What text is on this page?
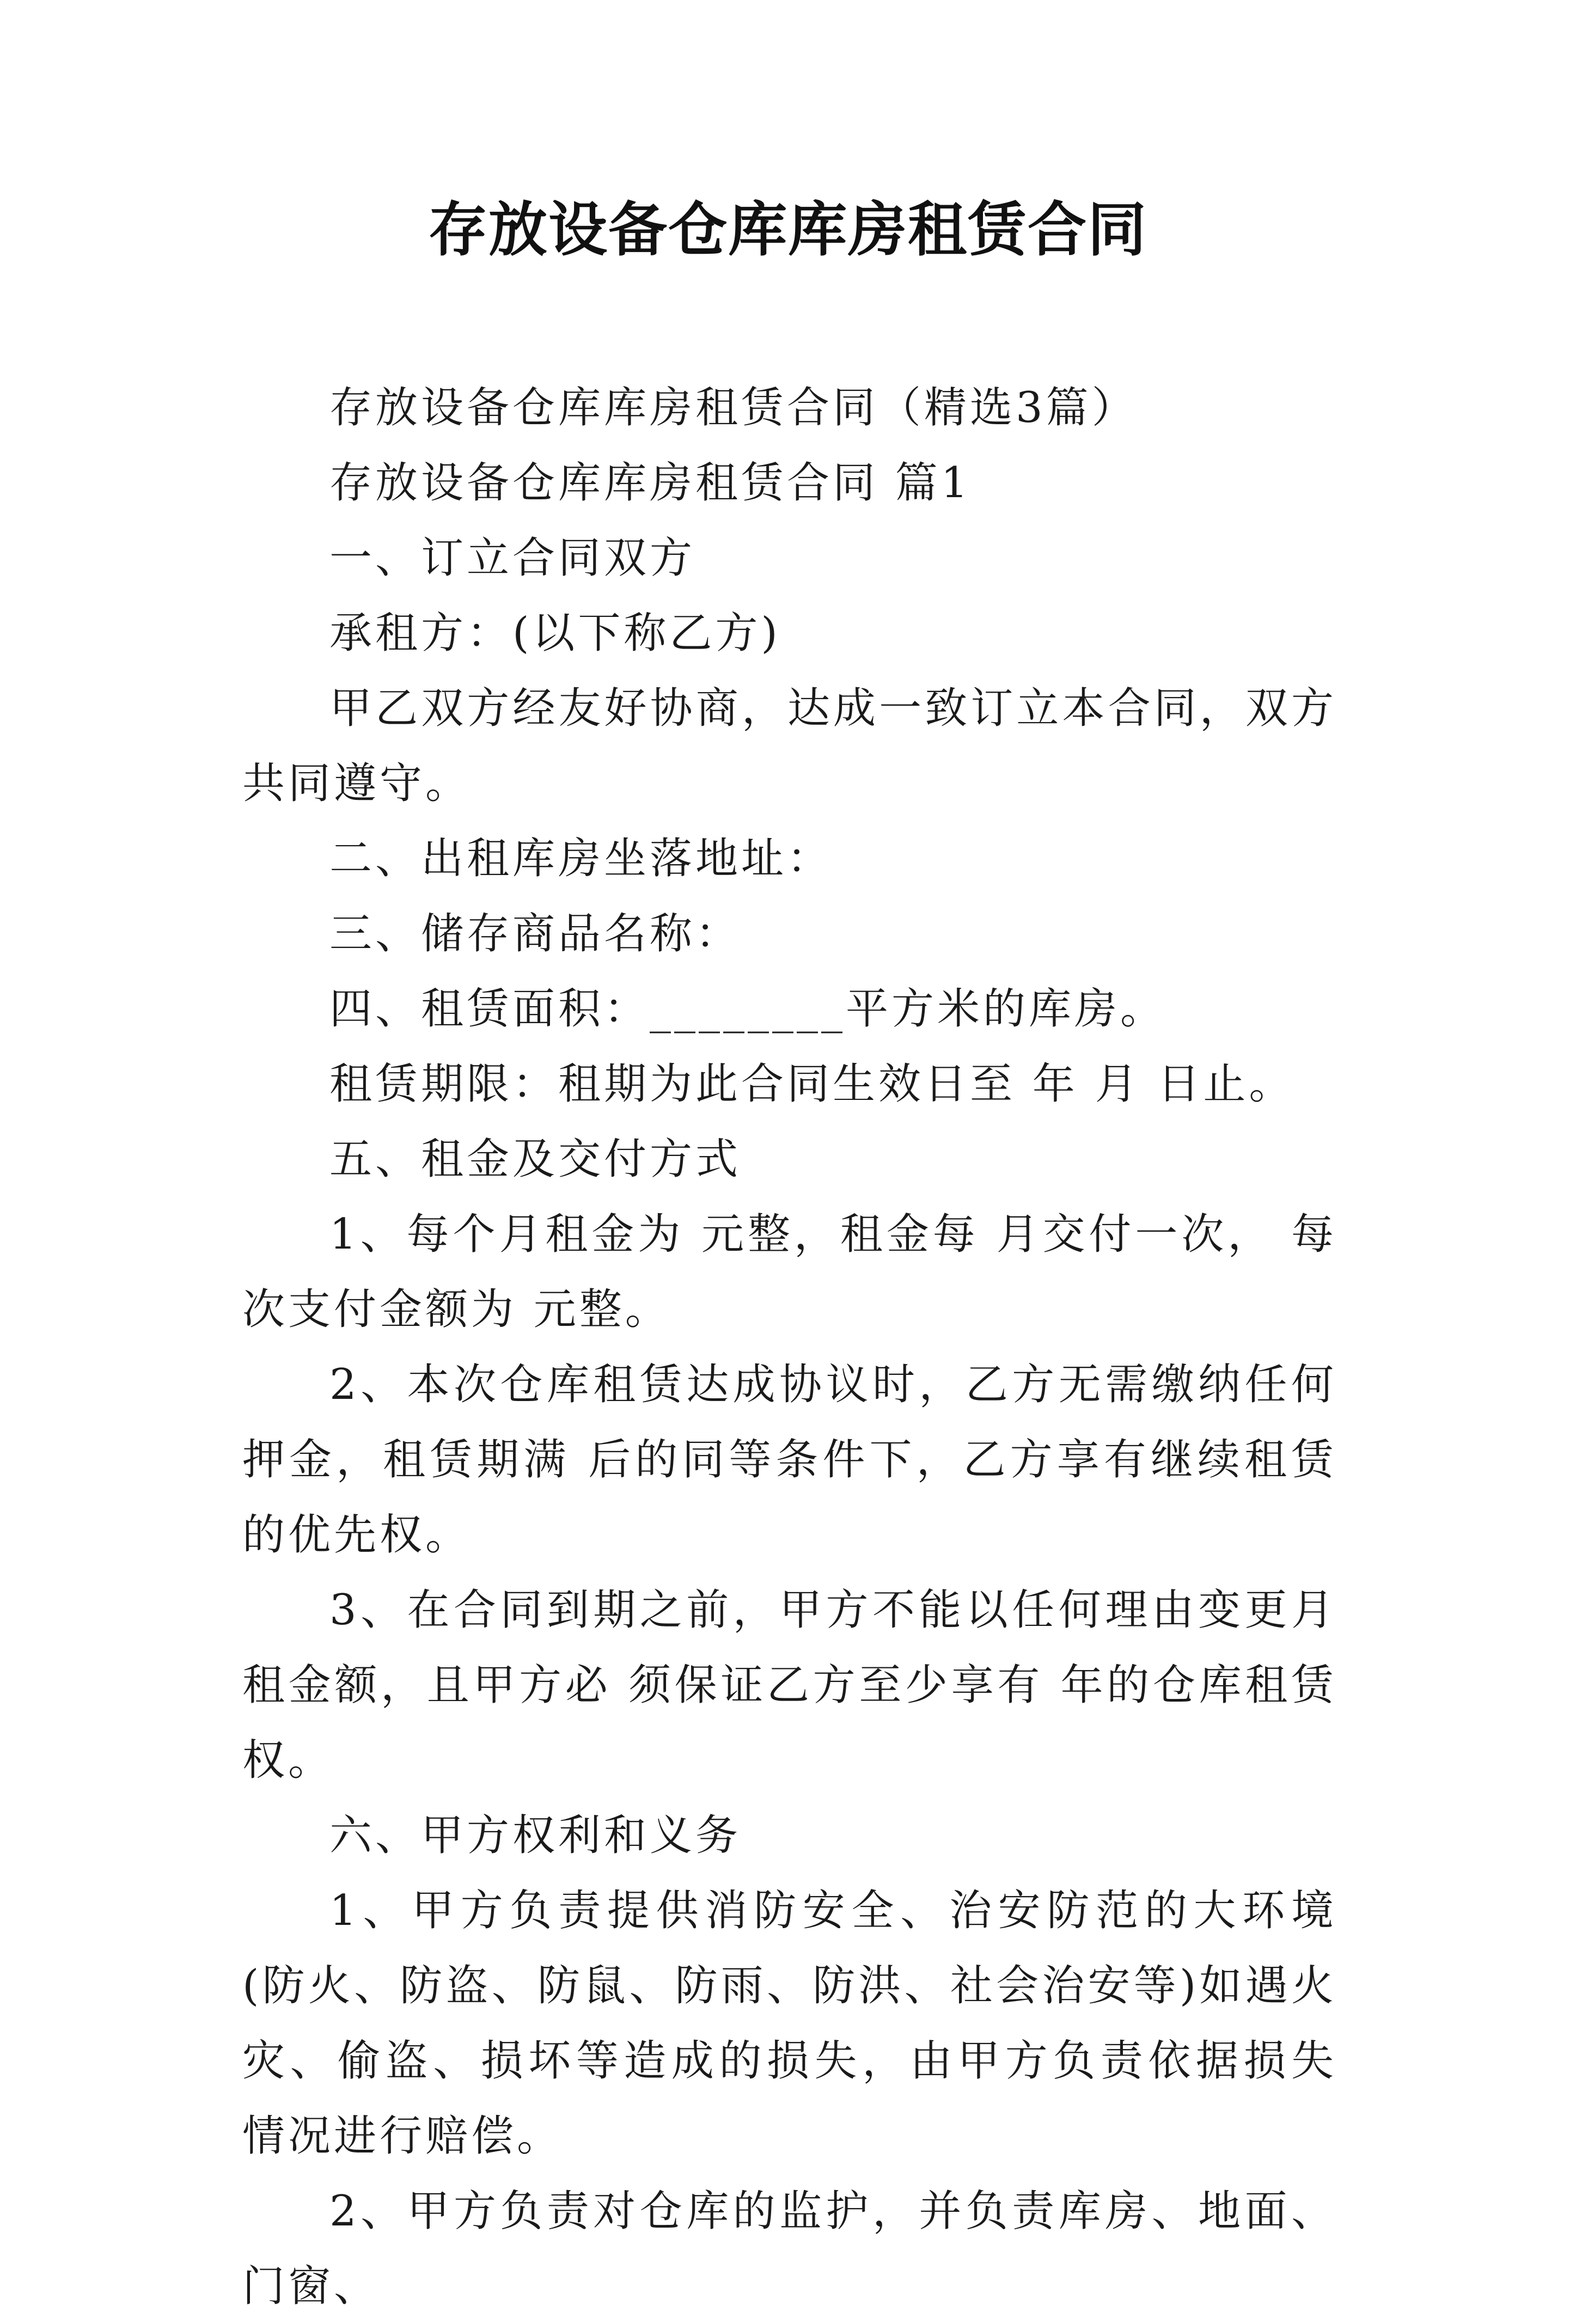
存放设备仓库库房租赁合同

存放设备仓库库房租赁合同（精选3篇）

存放设备仓库库房租赁合同 篇1

一、订立合同双方

承租方：(以下称乙方)

甲乙双方经友好协商，达成一致订立本合同，双方共同遵守。

二、出租库房坐落地址：

三、储存商品名称：

四、租赁面积：________平方米的库房。

租赁期限：租期为此合同生效日至 年 月 日止。

五、租金及交付方式

1、每个月租金为 元整，租金每 月交付一次， 每次支付金额为 元整。

2、本次仓库租赁达成协议时，乙方无需缴纳任何押金，租赁期满 后的同等条件下，乙方享有继续租赁的优先权。

3、在合同到期之前，甲方不能以任何理由变更月租金额，且甲方必 须保证乙方至少享有 年的仓库租赁权。

六、甲方权利和义务

1、甲方负责提供消防安全、治安防范的大环境(防火、防盗、防鼠、防雨、防洪、社会治安等)如遇火灾、偷盗、损坏等造成的损失，由甲方负责依据损失情况进行赔偿。

2、甲方负责对仓库的监护，并负责库房、地面、门窗、
